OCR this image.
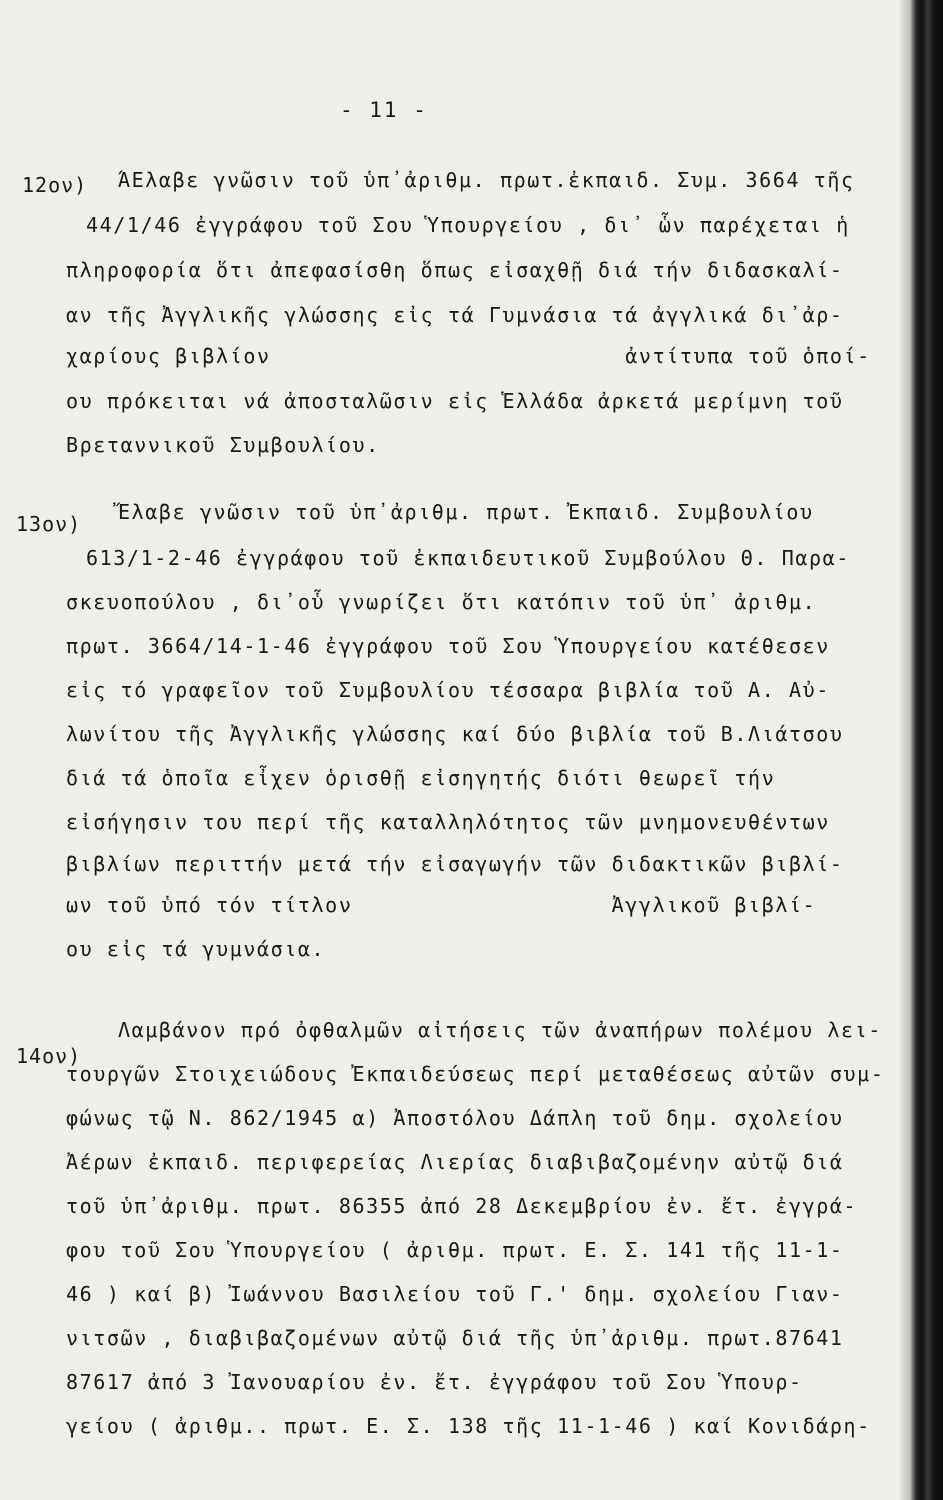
- 11 -
12ον) ΆΕλαβε γνῶσιν τοῦ ὑπ᾿ἀριθμ. πρωτ.ἐκπαιδ. Συμ. 3664 τῆς
44/1/46 ἐγγράφου τοῦ Σου Ὑπουργείου , δι᾿ ὧν παρέχεται ἡ
πληροφορία ὅτι ἀπεφασίσθη ὅπως εἰσαχθῇ διά τήν διδασκαλί-
αν τῆς Ἀγγλικῆς γλώσσης εἰς τά Γυμνάσια τά ἀγγλικά δι᾿ἀρ-
χαρίους βιβλίον                          ἀντίτυπα τοῦ ὁποί-
ου πρόκειται νά ἀποσταλῶσιν εἰς Ἑλλάδα ἀρκετά μερίμνη τοῦ
Βρεταννικοῦ Συμβουλίου.
13ον) Ἔλαβε γνῶσιν τοῦ ὑπ᾿ἀριθμ. πρωτ. Ἐκπαιδ. Συμβουλίου
613/1-2-46 ἐγγράφου τοῦ ἐκπαιδευτικοῦ Συμβούλου Θ. Παρα-
σκευοπούλου , δι᾿οὗ γνωρίζει ὅτι κατόπιν τοῦ ὑπ᾿ ἀριθμ.
πρωτ. 3664/14-1-46 ἐγγράφου τοῦ Σου Ὑπουργείου κατέθεσεν
εἰς τό γραφεῖον τοῦ Συμβουλίου τέσσαρα βιβλία τοῦ Α. Αὐ-
λωνίτου τῆς Ἀγγλικῆς γλώσσης καί δύο βιβλία τοῦ Β.Λιάτσου
διά τά ὁποῖα εἶχεν ὁρισθῇ εἰσηγητής διότι θεωρεῖ τήν
εἰσήγησιν του περί τῆς καταλληλότητος τῶν μνημονευθέντων
βιβλίων περιττήν μετά τήν εἰσαγωγήν τῶν διδακτικῶν βιβλί-
ων τοῦ ὑπό τόν τίτλον                   Ἀγγλικοῦ βιβλί-
ου εἰς τά γυμνάσια.
14ον)
Λαμβάνον πρό ὀφθαλμῶν αἰτήσεις τῶν ἀναπήρων πολέμου λει-
τουργῶν Στοιχειώδους Ἐκπαιδεύσεως περί μεταθέσεως αὐτῶν συμ-
φώνως τῷ Ν. 862/1945 α) Ἀποστόλου Δάπλη τοῦ δημ. σχολείου
Ἀέρων ἐκπαιδ. περιφερείας Λιερίας διαβιβαζομένην αὐτῷ διά
τοῦ ὑπ᾿ἀριθμ. πρωτ. 86355 ἀπό 28 Δεκεμβρίου ἐν. ἔτ. ἐγγρά-
φου τοῦ Σου Ὑπουργείου ( ἀριθμ. πρωτ. Ε. Σ. 141 τῆς 11-1-
46 ) καί β) Ἰωάννου Βασιλείου τοῦ Γ.' δημ. σχολείου Γιαν-
νιτσῶν , διαβιβαζομένων αὐτῷ διά τῆς ὑπ᾿ἀριθμ. πρωτ.87641
87617 ἀπό 3 Ἰανουαρίου ἐν. ἔτ. ἐγγράφου τοῦ Σου Ὑπουρ-
γείου ( ἀριθμ.. πρωτ. Ε. Σ. 138 τῆς 11-1-46 ) καί Κονιδάρη-
